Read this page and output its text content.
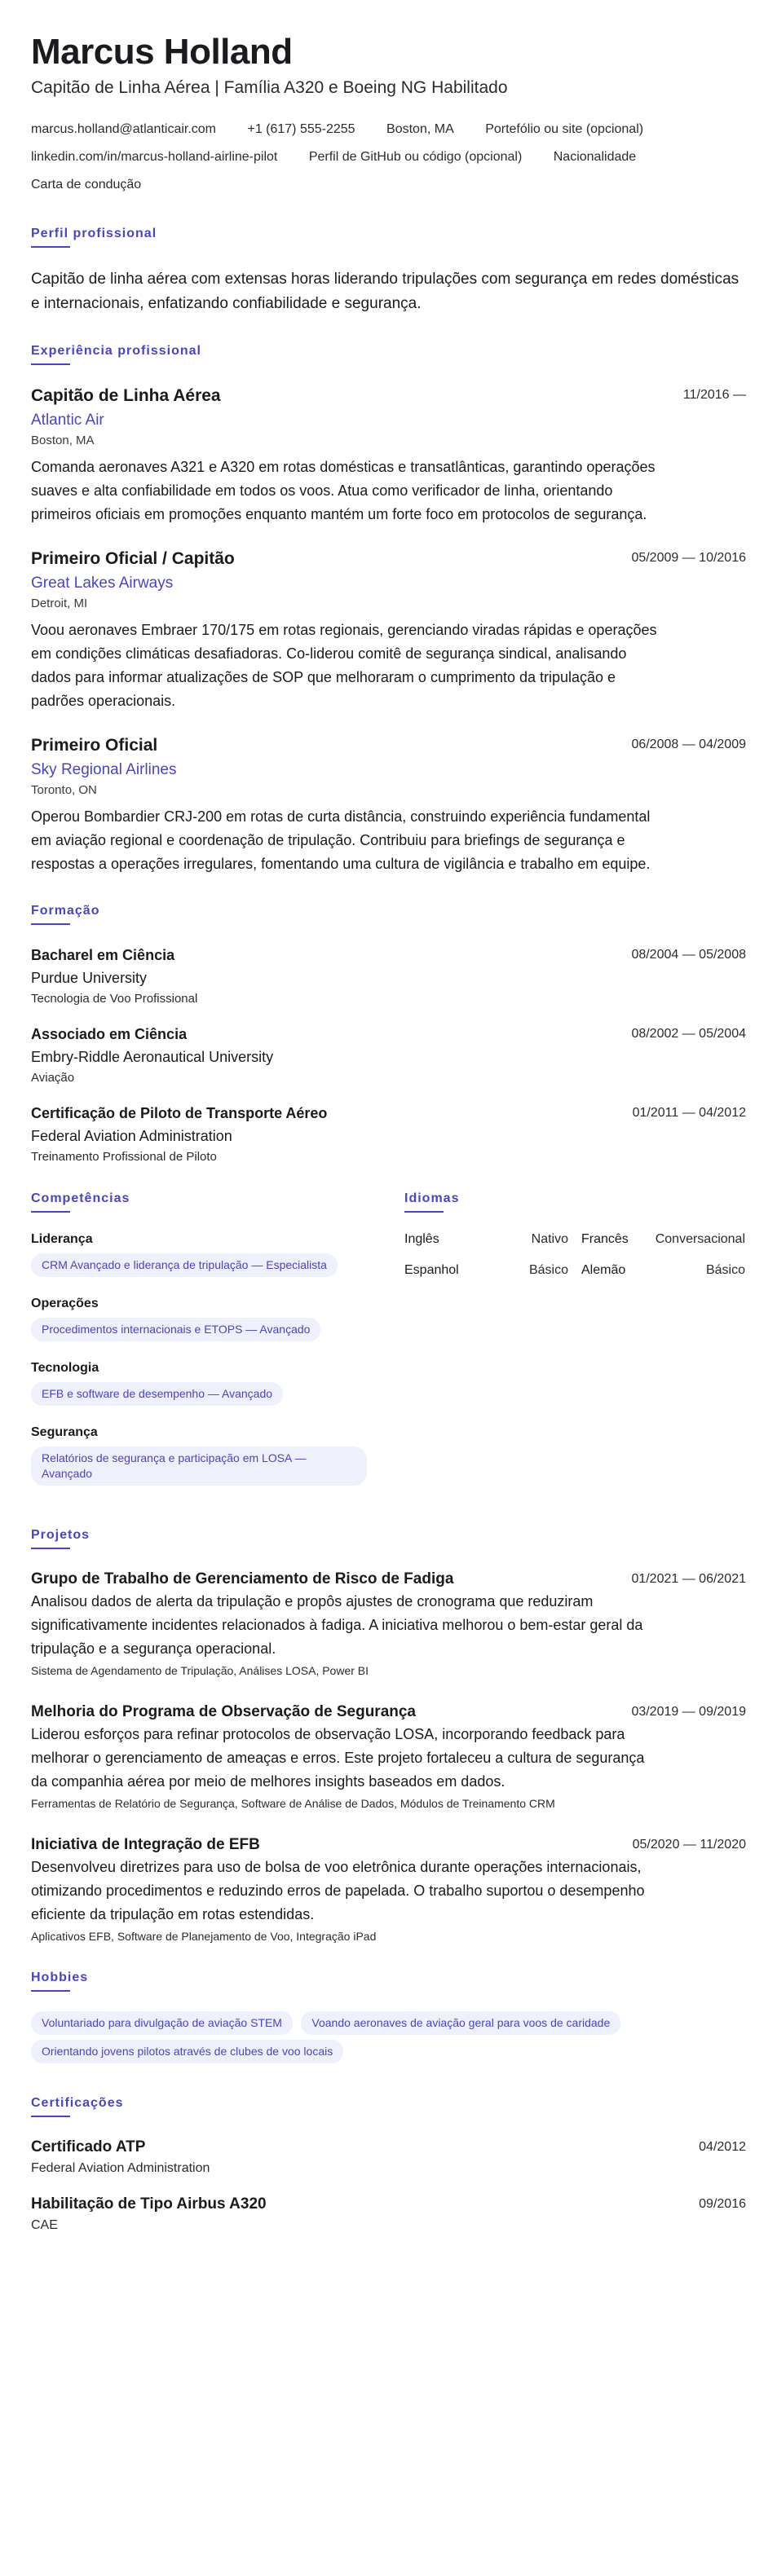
Marcus Holland
Capitão de Linha Aérea | Família A320 e Boeing NG Habilitado
marcus.holland@atlanticair.com +1 (617) 555-2255 Boston, MA Portefólio ou site (opcional)
linkedin.com/in/marcus-holland-airline-pilot Perfil de GitHub ou código (opcional) Nacionalidade
Carta de condução
Perfil profissional
Capitão de linha aérea com extensas horas liderando tripulações com segurança em redes domésticas e internacionais, enfatizando confiabilidade e segurança.
Experiência profissional
11/2016 —
Capitão de Linha Aérea
Atlantic Air
Boston, MA
Comanda aeronaves A321 e A320 em rotas domésticas e transatlânticas, garantindo operações suaves e alta confiabilidade em todos os voos. Atua como verificador de linha, orientando primeiros oficiais em promoções enquanto mantém um forte foco em protocolos de segurança.
05/2009 — 10/2016
Primeiro Oficial / Capitão
Great Lakes Airways
Detroit, MI
Voou aeronaves Embraer 170/175 em rotas regionais, gerenciando viradas rápidas e operações em condições climáticas desafiadoras. Co-liderou comitê de segurança sindical, analisando dados para informar atualizações de SOP que melhoraram o cumprimento da tripulação e padrões operacionais.
06/2008 — 04/2009
Primeiro Oficial
Sky Regional Airlines
Toronto, ON
Operou Bombardier CRJ-200 em rotas de curta distância, construindo experiência fundamental em aviação regional e coordenação de tripulação. Contribuiu para briefings de segurança e respostas a operações irregulares, fomentando uma cultura de vigilância e trabalho em equipe.
Formação
08/2004 — 05/2008
Bacharel em Ciência
Purdue University
Tecnologia de Voo Profissional
08/2002 — 05/2004
Associado em Ciência
Embry-Riddle Aeronautical University
Aviação
01/2011 — 04/2012
Certificação de Piloto de Transporte Aéreo
Federal Aviation Administration
Treinamento Profissional de Piloto
Competências
Liderança
CRM Avançado e liderança de tripulação — Especialista
Operações
Procedimentos internacionais e ETOPS — Avançado
Tecnologia
EFB e software de desempenho — Avançado
Segurança
Relatórios de segurança e participação em LOSA — Avançado
Idiomas
Inglês	Nativo Francês Conversacional
Espanhol	Básico Alemão	Básico
Projetos
01/2021 — 06/2021
Grupo de Trabalho de Gerenciamento de Risco de Fadiga
Analisou dados de alerta da tripulação e propôs ajustes de cronograma que reduziram significativamente incidentes relacionados à fadiga. A iniciativa melhorou o bem-estar geral da tripulação e a segurança operacional.
Sistema de Agendamento de Tripulação, Análises LOSA, Power BI
03/2019 — 09/2019
Melhoria do Programa de Observação de Segurança
Liderou esforços para refinar protocolos de observação LOSA, incorporando feedback para melhorar o gerenciamento de ameaças e erros. Este projeto fortaleceu a cultura de segurança da companhia aérea por meio de melhores insights baseados em dados.
Ferramentas de Relatório de Segurança, Software de Análise de Dados, Módulos de Treinamento CRM
05/2020 — 11/2020
Iniciativa de Integração de EFB
Desenvolveu diretrizes para uso de bolsa de voo eletrônica durante operações internacionais, otimizando procedimentos e reduzindo erros de papelada. O trabalho suportou o desempenho eficiente da tripulação em rotas estendidas.
Aplicativos EFB, Software de Planejamento de Voo, Integração iPad
Hobbies
Voluntariado para divulgação de aviação STEM	Voando aeronaves de aviação geral para voos de caridade Orientando jovens pilotos através de clubes de voo locais
Certificações
04/2012
Certificado ATP
Federal Aviation Administration
09/2016
Habilitação de Tipo Airbus A320
CAE
